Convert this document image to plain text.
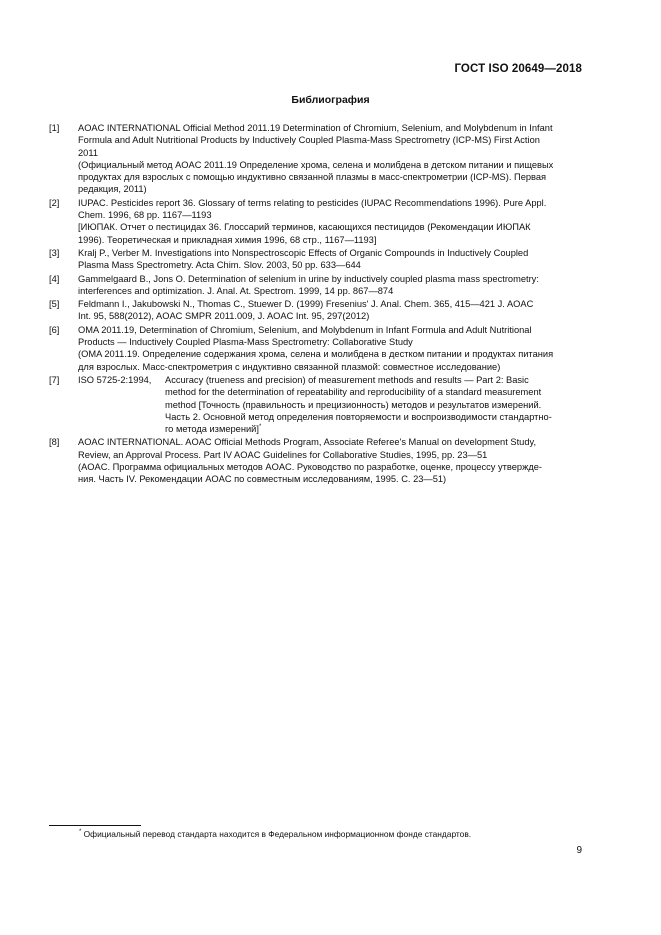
ГОСТ ISO 20649—2018
Библиография
[1] AOAC INTERNATIONAL Official Method 2011.19 Determination of Chromium, Selenium, and Molybdenum in Infant
Formula and Adult Nutritional Products by Inductively Coupled Plasma-Mass Spectrometry (ICP-MS) First Action
2011
(Официальный метод AOAC 2011.19 Определение хрома, селена и молибдена в детском питании и пищевых
продуктах для взрослых с помощью индуктивно связанной плазмы в масс-спектрометрии (ICP-MS). Первая
редакция, 2011)
[2] IUPAC. Pesticides report 36. Glossary of terms relating to pesticides (IUPAC Recommendations 1996). Pure Appl.
Chem. 1996, 68 pp. 1167—1193
[ИЮПАК. Отчет о пестицидах 36. Глоссарий терминов, касающихся пестицидов (Рекомендации ИЮПАК
1996). Теоретическая и прикладная химия 1996, 68 стр., 1167—1193]
[3] Kralj P., Verber M. Investigations into Nonspectroscopic Effects of Organic Compounds in Inductively Coupled
Plasma Mass Spectrometry. Acta Chim. Slov. 2003, 50 pp. 633—644
[4] Gammelgaard B., Jons O. Determination of selenium in urine by inductively coupled plasma mass spectrometry:
interferences and optimization. J. Anal. At. Spectrom. 1999, 14 pp. 867—874
[5] Feldmann I., Jakubowski N., Thomas C., Stuewer D. (1999) Fresenius' J. Anal. Chem. 365, 415—421 J. AOAC
Int. 95, 588(2012), AOAC SMPR 2011.009, J. AOAC Int. 95, 297(2012)
[6] OMA 2011.19, Determination of Chromium, Selenium, and Molybdenum in Infant Formula and Adult Nutritional
Products — Inductively Coupled Plasma-Mass Spectrometry: Collaborative Study
(OMA 2011.19. Определение содержания хрома, селена и молибдена в дестком питании и продуктах питания
для взрослых. Масс-спектрометрия с индуктивно связанной плазмой: совместное исследование)
[7] ISO 5725-2:1994, Accuracy (trueness and precision) of measurement methods and results — Part 2: Basic
method for the determination of repeatability and reproducibility of a standard measurement
method [Точность (правильность и прецизионность) методов и результатов измерений.
Часть 2. Основной метод определения повторяемости и воспроизводимости стандартно-
го метода измерений]*
[8] AOAC INTERNATIONAL. AOAC Official Methods Program, Associate Referee's Manual on development Study,
Review, an Approval Process. Part IV AOAC Guidelines for Collaborative Studies, 1995, pp. 23—51
(AOAC. Программа официальных методов AOAC. Руководство по разработке, оценке, процессу утвержде-
ния. Часть IV. Рекомендации AOAC по совместным исследованиям, 1995. С. 23—51)
* Официальный перевод стандарта находится в Федеральном информационном фонде стандартов.
9
